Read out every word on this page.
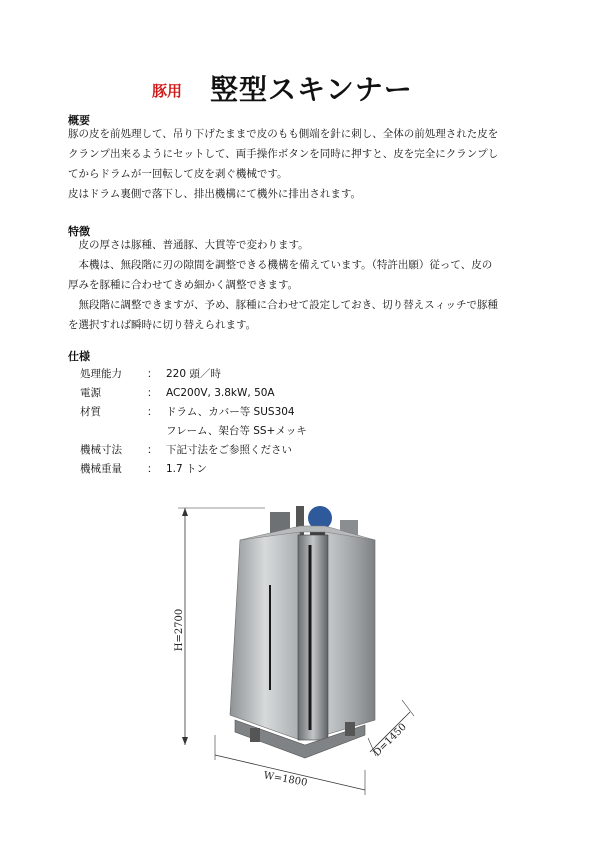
豚用 竪型スキンナー
概要

豚の皮を前処理して、吊り下げたままで皮のもも側端を針に刺し、全体の前処理された皮を

クランプ出来るようにセットして、両手操作ボタンを同時に押すと、皮を完全にクランプし

てからドラムが一回転して皮を剥ぐ機械です。

皮はドラム裏側で落下し、排出機構にて機外に排出されます。

特徴

皮の厚さは豚種、普通豚、大貫等で変わります。

本機は、無段階に刃の隙間を調整できる機構を備えています。（特許出願）従って、皮の

厚みを豚種に合わせてきめ細かく調整できます。

無段階に調整できますが、予め、豚種に合わせて設定しておき、切り替えスィッチで豚種

を選択すれば瞬時に切り替えられます。

仕様
処理能力	： 220 頭／時
電源	： AC200V, 3.8kW, 50A
材質	： ドラム、カバー等 SUS304
フレーム、架台等 SS+メッキ
機械寸法	： 下記寸法をご参照ください
機械重量	： 1.7 トン
H=2700
W=1800
D=1450
